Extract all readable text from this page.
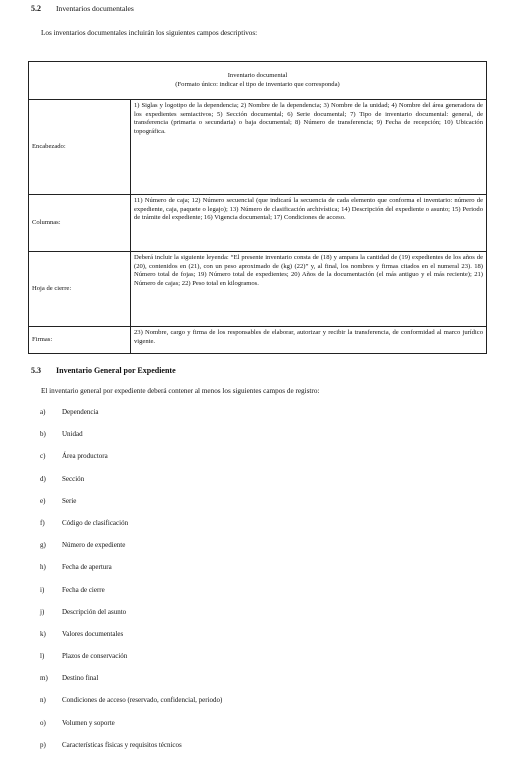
5.2 Inventarios documentales
Los inventarios documentales incluirán los siguientes campos descriptivos:
Inventario documental
(Formato único: indicar el tipo de inventario que corresponda)	

Encabezado:	1) Siglas y logotipo de la dependencia; 2) Nombre de la dependencia; 3) Nombre de la unidad; 4) Nombre del área generadora de los expedientes semiactivos; 5) Sección documental; 6) Serie documental; 7) Tipo de inventario documental: general, de transferencia (primaria o secundaria) o baja documental; 8) Número de transferencia; 9) Fecha de recepción; 10) Ubicación topográfica.
Columnas:	11) Número de caja; 12) Número secuencial (que indicará la secuencia de cada elemento que conforma el inventario: número de expediente, caja, paquete o legajo); 13) Número de clasificación archivística; 14) Descripción del expediente o asunto; 15) Periodo de trámite del expediente; 16) Vigencia documental; 17) Condiciones de acceso.
Hoja de cierre:	Deberá incluir la siguiente leyenda: “El presente inventario consta de (18) y ampara la cantidad de (19) expedientes de los años de (20), contenidos en (21), con un peso aproximado de (kg) (22)” y, al final, los nombres y firmas citados en el numeral 23). 18) Número total de fojas; 19) Número total de expedientes; 20) Años de la documentación (el más antiguo y el más reciente); 21) Número de cajas; 22) Peso total en kilogramos.
Firmas:	23) Nombre, cargo y firma de los responsables de elaborar, autorizar y recibir la transferencia, de conformidad al marco jurídico vigente.
5.3 Inventario General por Expediente
El inventario general por expediente deberá contener al menos los siguientes campos de registro:
a) Dependencia
b) Unidad
c) Área productora
d) Sección
e) Serie
f) Código de clasificación
g) Número de expediente
h) Fecha de apertura
i)	Fecha de cierre
j)	Descripción del asunto
k) Valores documentales
l)	Plazos de conservación
m) Destino final
n) Condiciones de acceso (reservado, confidencial, periodo)
o) Volumen y soporte
p) Características físicas y requisitos técnicos
